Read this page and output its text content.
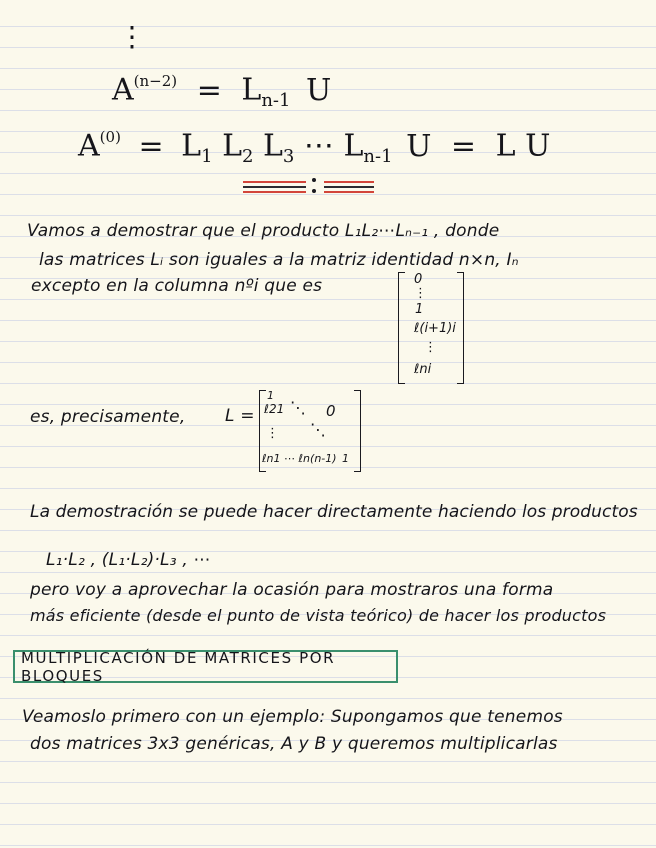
⋮
$A^{(n-2)} = L_{n-1}$ U
$A^{(0)} = L_1$ $L_2$ $L_3$ ⋯ $L_{n-1}$ U = L U
Vamos a demostrar que el producto L₁L₂⋯Lₙ₋₁ , donde
las matrices Lᵢ son iguales a la matriz identidad n×n, Iₙ
excepto en la columna nºi que es	0
⋮
1
ℓ(i+1)i
⋮
ℓni
es, precisamente, L =
1
ℓ21 ⋱ 0
⋮ ⋱
ℓn1 ⋯ ℓn(n-1) 1
La demostración se puede hacer directamente haciendo los productos
L₁·L₂ , (L₁·L₂)·L₃ , ⋯
pero voy a aprovechar la ocasión para mostraros una forma
más eficiente (desde el punto de vista teórico) de hacer los productos
MULTIPLICACIÓN DE MATRICES POR BLOQUES
Veamoslo primero con un ejemplo: Supongamos que tenemos
dos matrices 3x3 genéricas, A y B y queremos multiplicarlas
